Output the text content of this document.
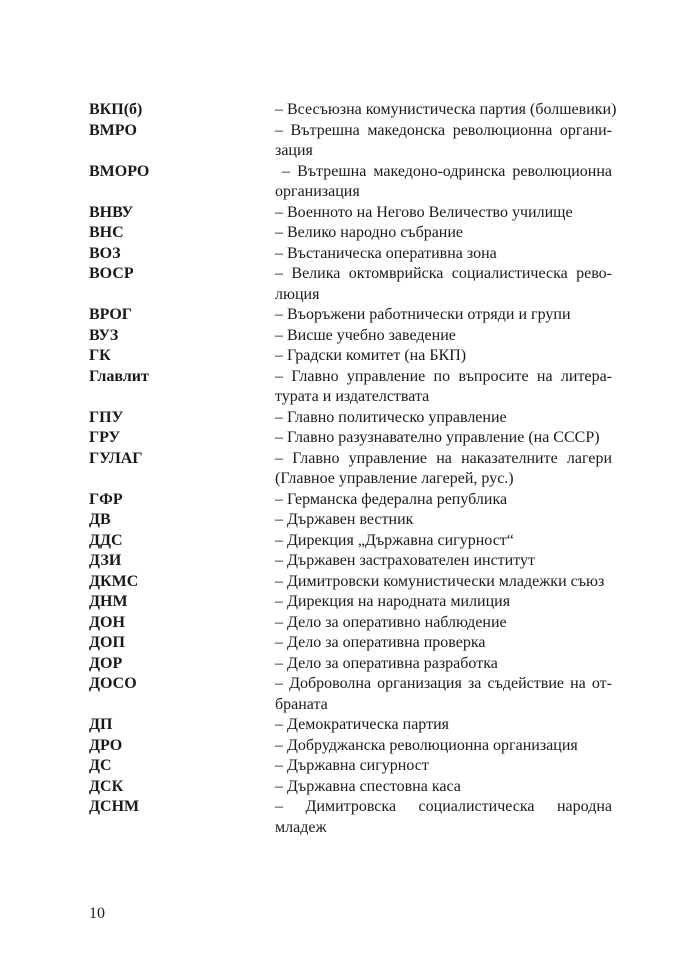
ВКП(б)	– Всесъюзна комунистическа партия (болшевики)
ВМРО	– Вътрешна македонска революционна органи-
зация
ВМОРО	– Вътрешна македоно-одринска революционна
организация
ВНВУ	– Военното на Негово Величество училище
ВНС	– Велико народно събрание
ВОЗ	– Въстаническа оперативна зона
ВОСР	– Велика октомврийска социалистическа рево-
люция
ВРОГ	– Въоръжени работнически отряди и групи
ВУЗ	– Висше учебно заведение
ГК	– Градски комитет (на БКП)
Главлит	– Главно управление по въпросите на литера-
турата и издателствата
ГПУ	– Главно политическо управление
ГРУ	– Главно разузнавателно управление (на СССР)
ГУЛАГ	– Главно управление на наказателните лагери
(Главное управление лагерей, рус.)
ГФР	– Германска федерална република
ДВ	– Държавен вестник
ДДС	– Дирекция „Държавна сигурност“
ДЗИ	– Държавен застрахователен институт
ДКМС	– Димитровски комунистически младежки съюз
ДНМ	– Дирекция на народната милиция
ДОН	– Дело за оперативно наблюдение
ДОП	– Дело за оперативна проверка
ДОР	– Дело за оперативна разработка
ДОСО	– Доброволна организация за съдействие на от-
браната
ДП	– Демократическа партия
ДРО	– Добруджанска революционна организация
ДС	– Държавна сигурност
ДСК	– Държавна спестовна каса
ДСНМ	– Димитровска социалистическа народна
младеж
10
